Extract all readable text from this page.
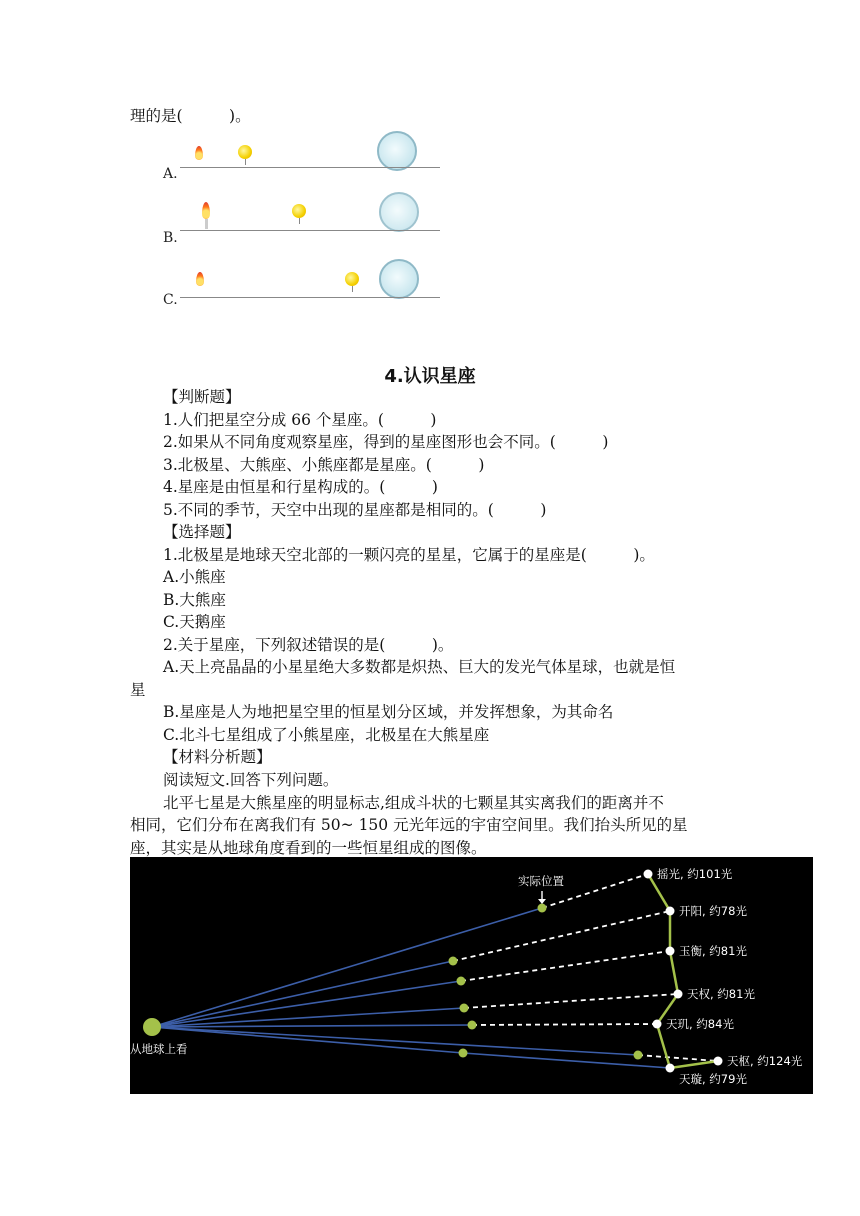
理的是(　　　)。
A.
B.
C.
4.认识星座
【判断题】
1.人们把星空分成 66 个星座。(　　　)
2.如果从不同角度观察星座，得到的星座图形也会不同。(　　　)
3.北极星、大熊座、小熊座都是星座。(　　　)
4.星座是由恒星和行星构成的。(　　　)
5.不同的季节，天空中出现的星座都是相同的。(　　　)
【选择题】
1.北极星是地球天空北部的一颗闪亮的星星，它属于的星座是(　　　)。
A.小熊座
B.大熊座
C.天鹅座
2.关于星座，下列叙述错误的是(　　　)。
A.天上亮晶晶的小星星绝大多数都是炽热、巨大的发光气体星球，也就是恒
星
B.星座是人为地把星空里的恒星划分区域，并发挥想象，为其命名
C.北斗七星组成了小熊星座，北极星在大熊星座
【材料分析题】
阅读短文.回答下列问题。
北平七星是大熊星座的明显标志,组成斗状的七颗星其实离我们的距离并不
相同，它们分布在离我们有 50~ 150 元光年远的宇宙空间里。我们抬头所见的星
座，其实是从地球角度看到的一些恒星组成的图像。
从地球上看
实际位置	摇光, 约101光
开阳, 约78光
玉衡, 约81光
天权, 约81光
天玑, 约84光
天枢, 约124光
天璇, 约79光
